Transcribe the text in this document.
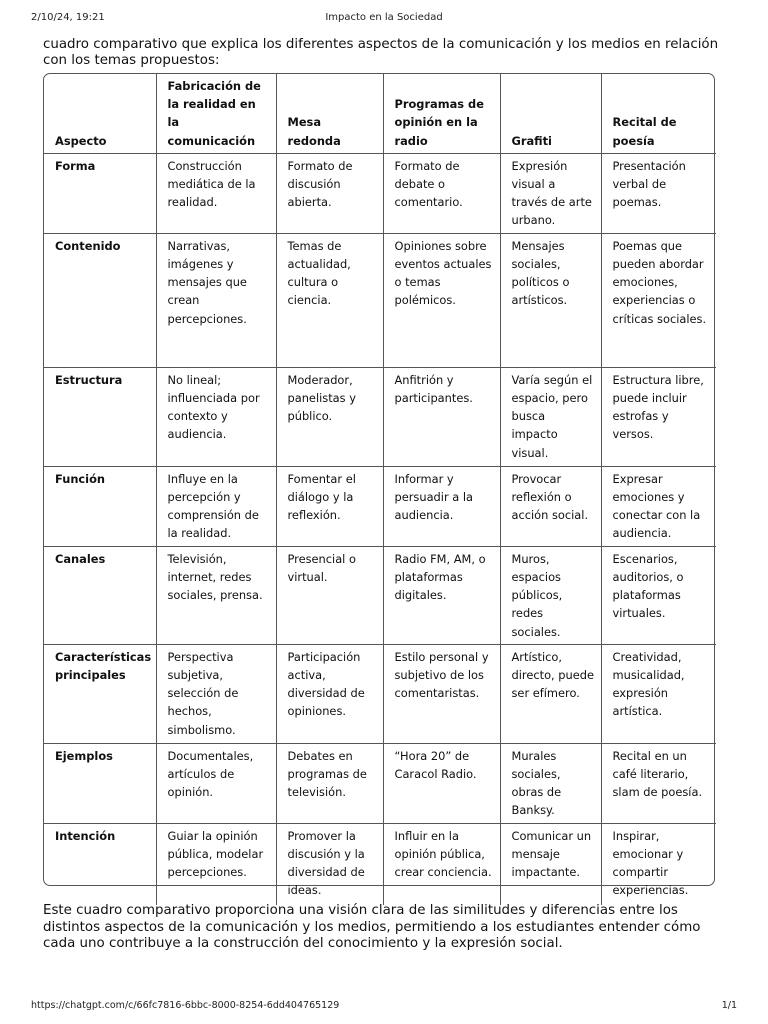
2/10/24, 19:21	Impacto en la Sociedad
cuadro comparativo que explica los diferentes aspectos de la comunicación y los medios en relación con los temas propuestos:
Aspecto	Fabricación de la realidad en la comunicación	Mesa redonda	Programas de opinión en la radio	Grafiti	Recital de poesía
Forma	Construcción mediática de la realidad.	Formato de discusión abierta.	Formato de debate o comentario.	Expresión visual a través de arte urbano.	Presentación verbal de poemas.
Contenido	Narrativas, imágenes y mensajes que crean percepciones.	Temas de actualidad, cultura o ciencia.	Opiniones sobre eventos actuales o temas polémicos.	Mensajes sociales, políticos o artísticos.	Poemas que pueden abordar emociones, experiencias o críticas sociales.
Estructura	No lineal; influenciada por contexto y audiencia.	Moderador, panelistas y público.	Anfitrión y participantes.	Varía según el espacio, pero busca impacto visual.	Estructura libre, puede incluir estrofas y versos.
Función	Influye en la percepción y comprensión de la realidad.	Fomentar el diálogo y la reflexión.	Informar y persuadir a la audiencia.	Provocar reflexión o acción social.	Expresar emociones y conectar con la audiencia.
Canales	Televisión, internet, redes sociales, prensa.	Presencial o virtual.	Radio FM, AM, o plataformas digitales.	Muros, espacios públicos, redes sociales.	Escenarios, auditorios, o plataformas virtuales.
Características principales	Perspectiva subjetiva, selección de hechos, simbolismo.	Participación activa, diversidad de opiniones.	Estilo personal y subjetivo de los comentaristas.	Artístico, directo, puede ser efímero.	Creatividad, musicalidad, expresión artística.
Ejemplos	Documentales, artículos de opinión.	Debates en programas de televisión.	“Hora 20” de Caracol Radio.	Murales sociales, obras de Banksy.	Recital en un café literario, slam de poesía.
Intención	Guiar la opinión pública, modelar percepciones.	Promover la discusión y la diversidad de ideas.	Influir en la opinión pública, crear conciencia.	Comunicar un mensaje impactante.	Inspirar, emocionar y compartir experiencias.
Este cuadro comparativo proporciona una visión clara de las similitudes y diferencias entre los distintos aspectos de la comunicación y los medios, permitiendo a los estudiantes entender cómo cada uno contribuye a la construcción del conocimiento y la expresión social.
https://chatgpt.com/c/66fc7816-6bbc-8000-8254-6dd404765129	1/1
